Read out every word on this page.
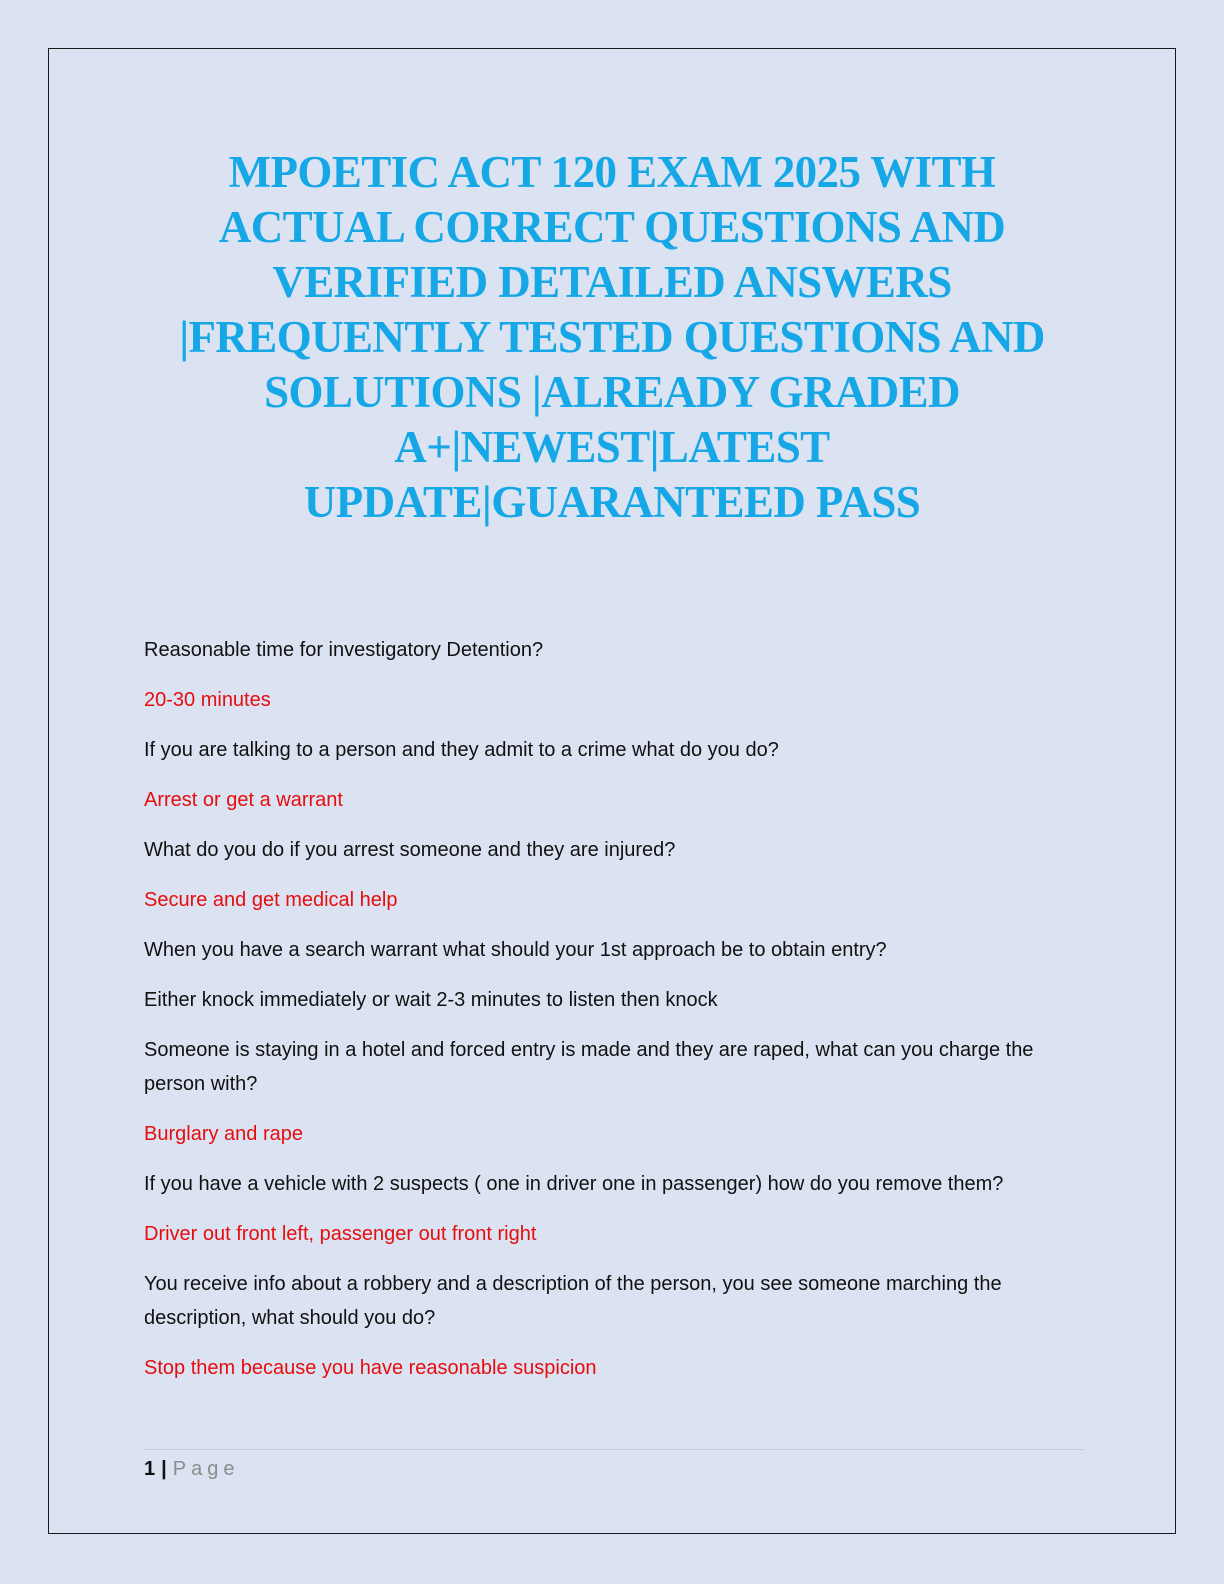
MPOETIC ACT 120 EXAM 2025 WITH
ACTUAL CORRECT QUESTIONS AND
VERIFIED DETAILED ANSWERS
|FREQUENTLY TESTED QUESTIONS AND
SOLUTIONS |ALREADY GRADED
A+|NEWEST|LATEST
UPDATE|GUARANTEED PASS

Reasonable time for investigatory Detention?

20-30 minutes

If you are talking to a person and they admit to a crime what do you do?

Arrest or get a warrant

What do you do if you arrest someone and they are injured?

Secure and get medical help

When you have a search warrant what should your 1st approach be to obtain entry?

Either knock immediately or wait 2-3 minutes to listen then knock

Someone is staying in a hotel and forced entry is made and they are raped, what can you charge the person with?

Burglary and rape

If you have a vehicle with 2 suspects ( one in driver one in passenger) how do you remove them?

Driver out front left, passenger out front right

You receive info about a robbery and a description of the person, you see someone marching the description, what should you do?

Stop them because you have reasonable suspicion

1 | Page
